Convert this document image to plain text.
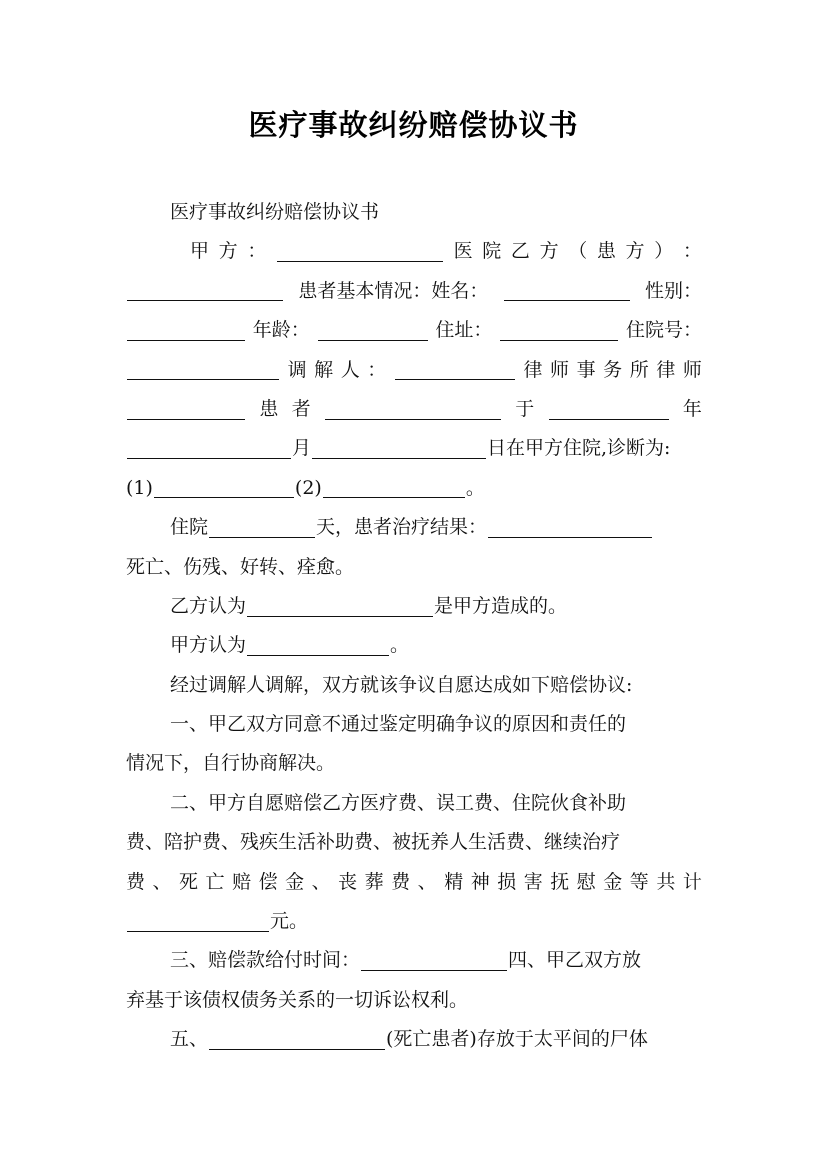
医疗事故纠纷赔偿协议书
医疗事故纠纷赔偿协议书
甲 方 ：	医 院 乙 方 （ 患 方 ） ：
患者基本情况：姓名：	性别：
年龄：	住址：	住院号：
调 解 人 ：	律 师 事 务 所 律 师
患 者	于	年
月	日在甲方住院,诊断为:
(1)	(2)	。
住院	天，患者治疗结果：
死亡、伤残、好转、痊愈。
乙方认为	是甲方造成的。
甲方认为	。
经过调解人调解，双方就该争议自愿达成如下赔偿协议:
一、甲乙双方同意不通过鉴定明确争议的原因和责任的
情况下，自行协商解决。
二、甲方自愿赔偿乙方医疗费、误工费、住院伙食补助
费、陪护费、残疾生活补助费、被抚养人生活费、继续治疗
费 、 死 亡 赔 偿 金 、 丧 葬 费 、 精 神 损 害 抚 慰 金 等 共 计
元。
三、赔偿款给付时间：	四、甲乙双方放
弃基于该债权债务关系的一切诉讼权利。
五、	(死亡患者)存放于太平间的尸体
